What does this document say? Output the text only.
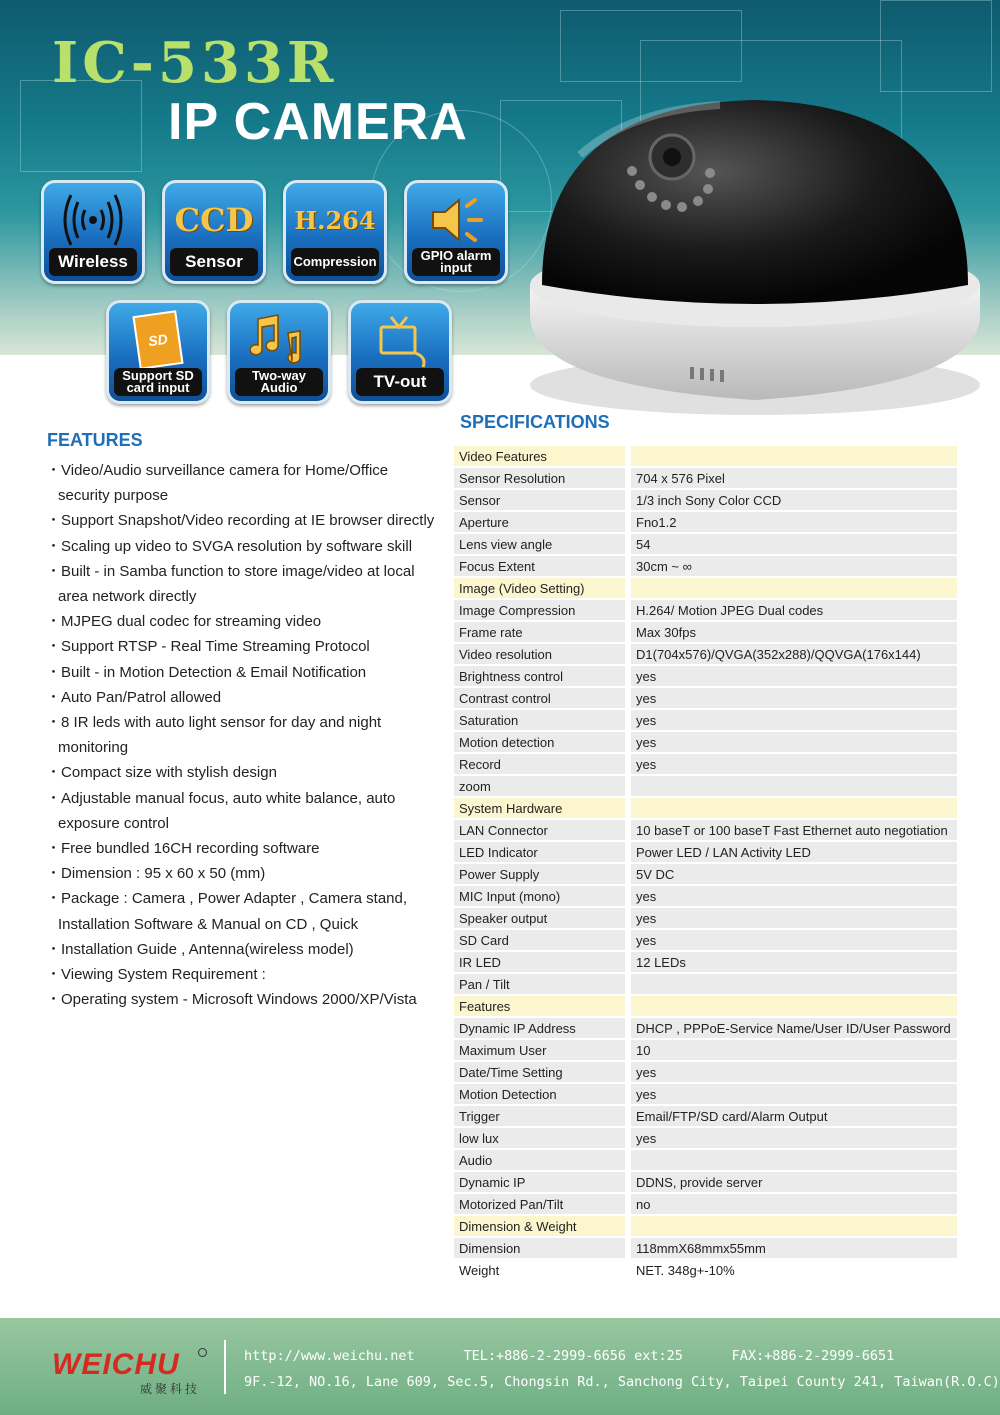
IC-533R
IP CAMERA
Wireless
CCD
Sensor
H.264
Compression	GPIO alarm input
SD
Support SD card input
Two-way Audio	TV-out
FEATURES
・ Video/Audio surveillance camera for Home/Office security purpose
・ Support Snapshot/Video recording at IE browser directly
・ Scaling up video to SVGA resolution by software skill
・ Built - in Samba function to store image/video at local area network directly
・ MJPEG dual codec for streaming video
・ Support RTSP - Real Time Streaming Protocol
・ Built - in Motion Detection & Email Notification
・ Auto Pan/Patrol allowed
・ 8 IR leds with auto light sensor for day and night monitoring
・ Compact size with stylish design
・ Adjustable manual focus, auto white balance, auto exposure control
・ Free bundled 16CH recording software
・ Dimension : 95 x 60 x 50 (mm)
・ Package : Camera , Power Adapter , Camera stand, Installation Software & Manual on CD , Quick
・ Installation Guide , Antenna(wireless model)
・ Viewing System Requirement :
・ Operating system - Microsoft Windows 2000/XP/Vista
SPECIFICATIONS
Video Features	
Sensor Resolution	704 x 576 Pixel
Sensor	1/3 inch Sony Color CCD
Aperture	Fno1.2
Lens view angle	54
Focus Extent	30cm ~ ∞
Image (Video Setting)	
Image Compression	H.264/ Motion JPEG Dual codes
Frame rate	Max 30fps
Video resolution	D1(704x576)/QVGA(352x288)/QQVGA(176x144)
Brightness control	yes
Contrast control	yes
Saturation	yes
Motion detection	yes
Record	yes
zoom	
System Hardware	
LAN Connector	10 baseT or 100 baseT Fast Ethernet auto negotiation
LED Indicator	Power LED / LAN Activity LED
Power Supply	5V DC
MIC Input (mono)	yes
Speaker output	yes
SD Card	yes
IR LED	12 LEDs
Pan / Tilt	
Features	
Dynamic IP Address	DHCP , PPPoE-Service Name/User ID/User Password
Maximum User	10
Date/Time Setting	yes
Motion Detection	yes
Trigger	Email/FTP/SD card/Alarm Output
low lux	yes
Audio	
Dynamic IP	DDNS, provide server
Motorized Pan/Tilt	no
Dimension & Weight	
Dimension	118mmX68mmx55mm
Weight	NET. 348g+-10%
WEICHU
威聚科技
http://www.weichu.net      TEL:+886-2-2999-6656 ext:25      FAX:+886-2-2999-6651
9F.-12, NO.16, Lane 609, Sec.5, Chongsin Rd., Sanchong City, Taipei County 241, Taiwan(R.O.C)
